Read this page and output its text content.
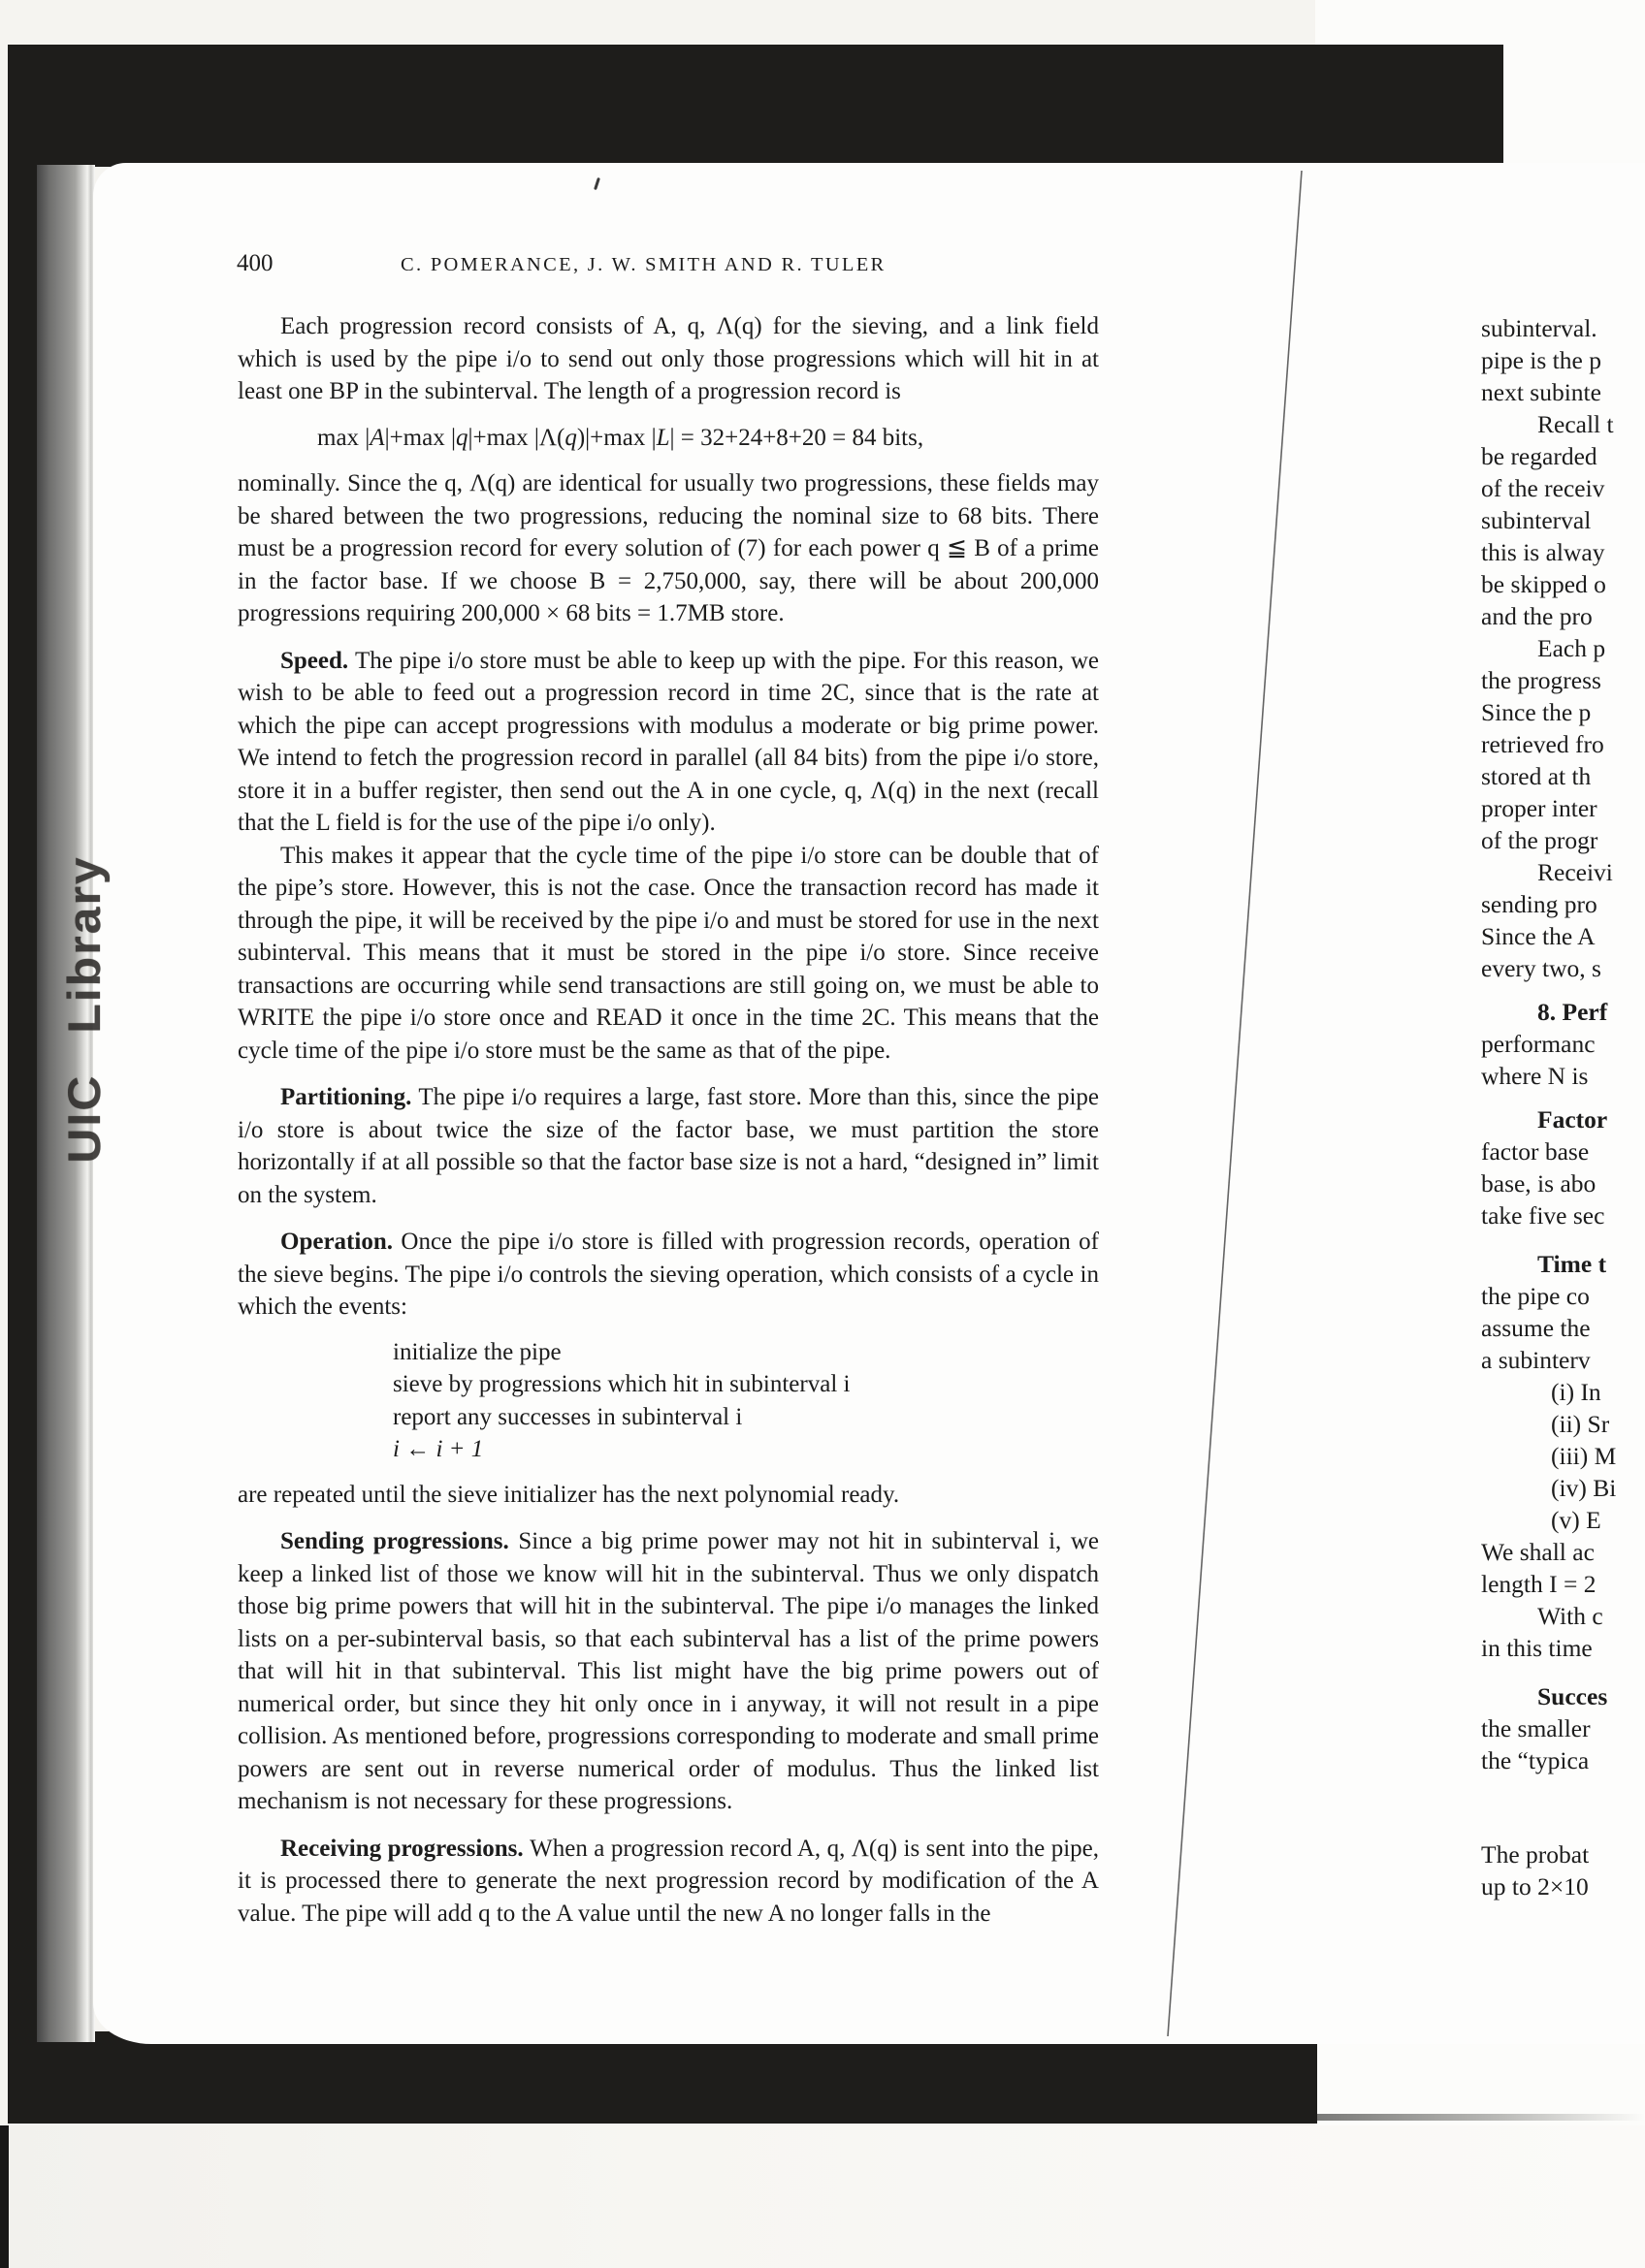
UIC Library
400	C. POMERANCE, J. W. SMITH AND R. TULER

Each progression record consists of A, q, Λ(q) for the sieving, and a link field which is used by the pipe i/o to send out only those progressions which will hit in at least one BP in the subinterval. The length of a progression record is

max |A|+max |q|+max |Λ(q)|+max |L| = 32+24+8+20 = 84 bits,

nominally. Since the q, Λ(q) are identical for usually two progressions, these fields may be shared between the two progressions, reducing the nominal size to 68 bits. There must be a progression record for every solution of (7) for each power q ≦ B of a prime in the factor base. If we choose B = 2,750,000, say, there will be about 200,000 progressions requiring 200,000 × 68 bits = 1.7MB store.

Speed. The pipe i/o store must be able to keep up with the pipe. For this reason, we wish to be able to feed out a progression record in time 2C, since that is the rate at which the pipe can accept progressions with modulus a moderate or big prime power. We intend to fetch the progression record in parallel (all 84 bits) from the pipe i/o store, store it in a buffer register, then send out the A in one cycle, q, Λ(q) in the next (recall that the L field is for the use of the pipe i/o only).

This makes it appear that the cycle time of the pipe i/o store can be double that of the pipe’s store. However, this is not the case. Once the transaction record has made it through the pipe, it will be received by the pipe i/o and must be stored for use in the next subinterval. This means that it must be stored in the pipe i/o store. Since receive transactions are occurring while send transactions are still going on, we must be able to WRITE the pipe i/o store once and READ it once in the time 2C. This means that the cycle time of the pipe i/o store must be the same as that of the pipe.

Partitioning. The pipe i/o requires a large, fast store. More than this, since the pipe i/o store is about twice the size of the factor base, we must partition the store horizontally if at all possible so that the factor base size is not a hard, “designed in” limit on the system.

Operation. Once the pipe i/o store is filled with progression records, operation of the sieve begins. The pipe i/o controls the sieving operation, which consists of a cycle in which the events:

initialize the pipe
sieve by progressions which hit in subinterval i
report any successes in subinterval i
i ← i + 1

are repeated until the sieve initializer has the next polynomial ready.

Sending progressions. Since a big prime power may not hit in subinterval i, we keep a linked list of those we know will hit in the subinterval. Thus we only dispatch those big prime powers that will hit in the subinterval. The pipe i/o manages the linked lists on a per-subinterval basis, so that each subinterval has a list of the prime powers that will hit in that subinterval. This list might have the big prime powers out of numerical order, but since they hit only once in i anyway, it will not result in a pipe collision. As mentioned before, progressions corresponding to moderate and small prime powers are sent out in reverse numerical order of modulus. Thus the linked list mechanism is not necessary for these progressions.

Receiving progressions. When a progression record A, q, Λ(q) is sent into the pipe, it is processed there to generate the next progression record by modification of the A value. The pipe will add q to the A value until the new A no longer falls in the

subinterval.
pipe is the p
next subinte
Recall t
be regarded
of the receiv
subinterval
this is alway
be skipped o
and the pro
Each p
the progress
Since the p
retrieved fro
stored at th
proper inter
of the progr
Receivi
sending pro
Since the A
every two, s
8. Perf
performanc
where N is
Factor
factor base
base, is abo
take five sec
Time t
the pipe co
assume the
a subinterv
(i) In
(ii) Sr
(iii) M
(iv) Bi
(v) E
We shall ac
length I = 2
With c
in this time
Succes
the smaller
the “typica
The probat
up to 2×10
